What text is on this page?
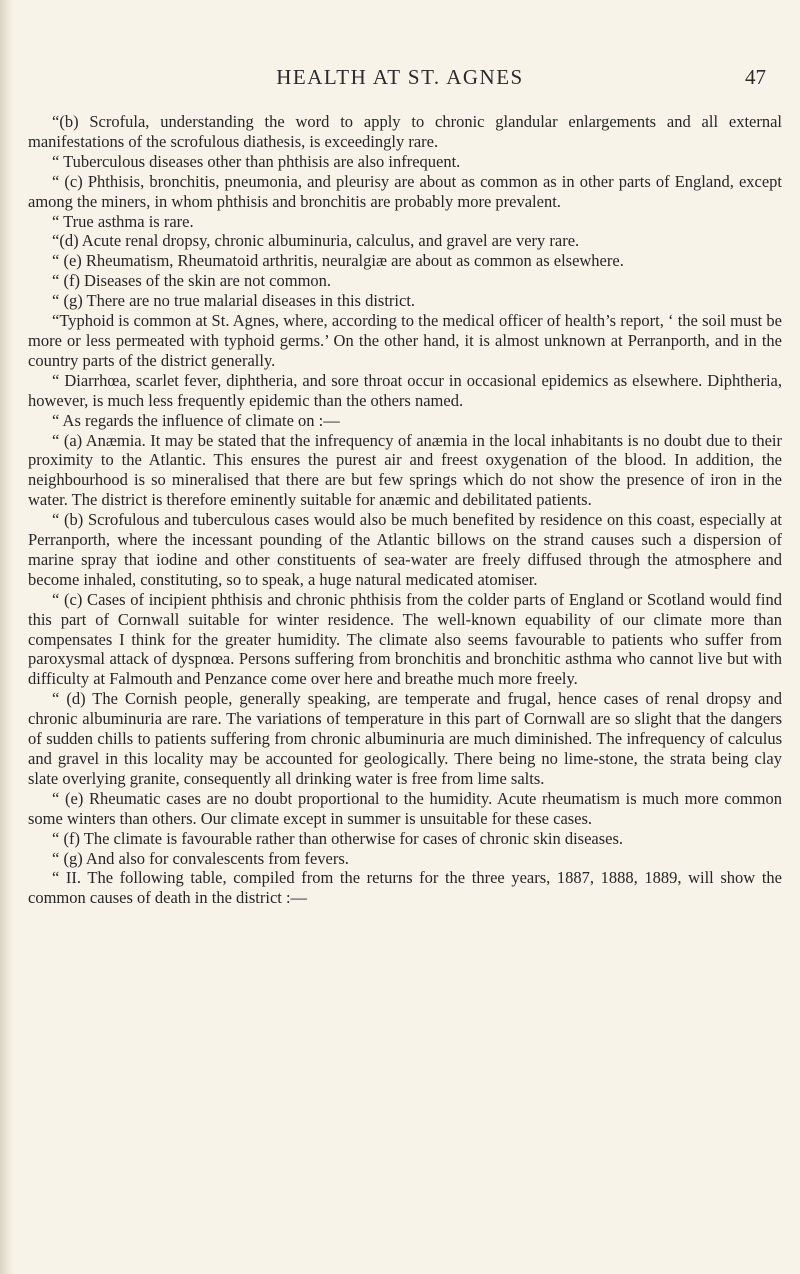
HEALTH AT ST. AGNES	47

“(b) Scrofula, understanding the word to apply to chronic glandular enlargements and all external manifestations of the scrofulous diathesis, is exceedingly rare.

“ Tuberculous diseases other than phthisis are also infrequent.

“ (c) Phthisis, bronchitis, pneumonia, and pleurisy are about as common as in other parts of England, except among the miners, in whom phthisis and bronchitis are probably more prevalent.

“ True asthma is rare.

“(d) Acute renal dropsy, chronic albuminuria, calculus, and gravel are very rare.

“ (e) Rheumatism, Rheumatoid arthritis, neuralgiæ are about as common as elsewhere.

“ (f) Diseases of the skin are not common.

“ (g) There are no true malarial diseases in this district.

“Typhoid is common at St. Agnes, where, according to the medical officer of health’s report, ‘ the soil must be more or less permeated with typhoid germs.’ On the other hand, it is almost unknown at Perranporth, and in the country parts of the district generally.

“ Diarrhœa, scarlet fever, diphtheria, and sore throat occur in occasional epidemics as elsewhere. Diphtheria, however, is much less frequently epidemic than the others named.

“ As regards the influence of climate on :—

“ (a) Anæmia. It may be stated that the infrequency of anæmia in the local inhabitants is no doubt due to their proximity to the Atlantic. This ensures the purest air and freest oxygenation of the blood. In addition, the neighbourhood is so mineralised that there are but few springs which do not show the presence of iron in the water. The district is therefore eminently suitable for anæmic and debilitated patients.

“ (b) Scrofulous and tuberculous cases would also be much benefited by residence on this coast, especially at Perranporth, where the incessant pounding of the Atlantic billows on the strand causes such a dispersion of marine spray that iodine and other constituents of sea-water are freely diffused through the atmosphere and become inhaled, constituting, so to speak, a huge natural medicated atomiser.

“ (c) Cases of incipient phthisis and chronic phthisis from the colder parts of England or Scotland would find this part of Cornwall suitable for winter residence. The well-known equability of our climate more than compensates I think for the greater humidity. The climate also seems favourable to patients who suffer from paroxysmal attack of dyspnœa. Persons suffering from bronchitis and bronchitic asthma who cannot live but with difficulty at Falmouth and Penzance come over here and breathe much more freely.

“ (d) The Cornish people, generally speaking, are temperate and frugal, hence cases of renal dropsy and chronic albuminuria are rare. The variations of temperature in this part of Cornwall are so slight that the dangers of sudden chills to patients suffering from chronic albuminuria are much diminished. The infrequency of calculus and gravel in this locality may be accounted for geologically. There being no lime-stone, the strata being clay slate overlying granite, consequently all drinking water is free from lime salts.

“ (e) Rheumatic cases are no doubt proportional to the humidity. Acute rheumatism is much more common some winters than others. Our climate except in summer is unsuitable for these cases.

“ (f) The climate is favourable rather than otherwise for cases of chronic skin diseases.

“ (g) And also for convalescents from fevers.

“ II. The following table, compiled from the returns for the three years, 1887, 1888, 1889, will show the common causes of death in the district :—
